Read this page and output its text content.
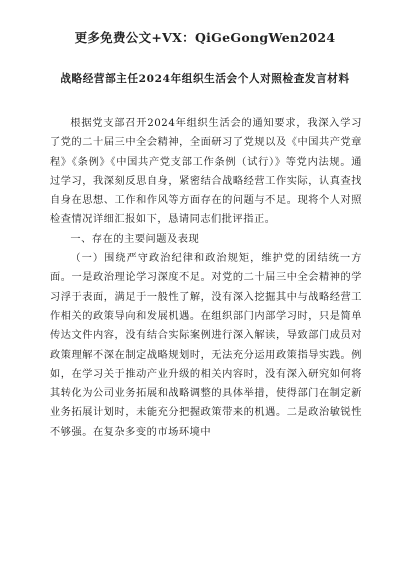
更多免费公文+VX：QiGeGongWen2024
战略经营部主任2024年组织生活会个人对照检查发言材料

根据党支部召开2024年组织生活会的通知要求，我深入学习了党的二十届三中全会精神，全面研习了党规以及《中国共产党章程》《条例》《中国共产党支部工作条例（试行）》等党内法规。通过学习，我深刻反思自身，紧密结合战略经营工作实际，认真查找自身在思想、工作和作风等方面存在的问题与不足。现将个人对照检查情况详细汇报如下，恳请同志们批评指正。

一、存在的主要问题及表现

（一）围绕严守政治纪律和政治规矩，维护党的团结统一方面。一是政治理论学习深度不足。对党的二十届三中全会精神的学习浮于表面，满足于一般性了解，没有深入挖掘其中与战略经营工作相关的政策导向和发展机遇。在组织部门内部学习时，只是简单传达文件内容，没有结合实际案例进行深入解读，导致部门成员对政策理解不深在制定战略规划时，无法充分运用政策指导实践。例如，在学习关于推动产业升级的相关内容时，没有深入研究如何将其转化为公司业务拓展和战略调整的具体举措，使得部门在制定新业务拓展计划时，未能充分把握政策带来的机遇。二是政治敏锐性不够强。在复杂多变的市场环境中
